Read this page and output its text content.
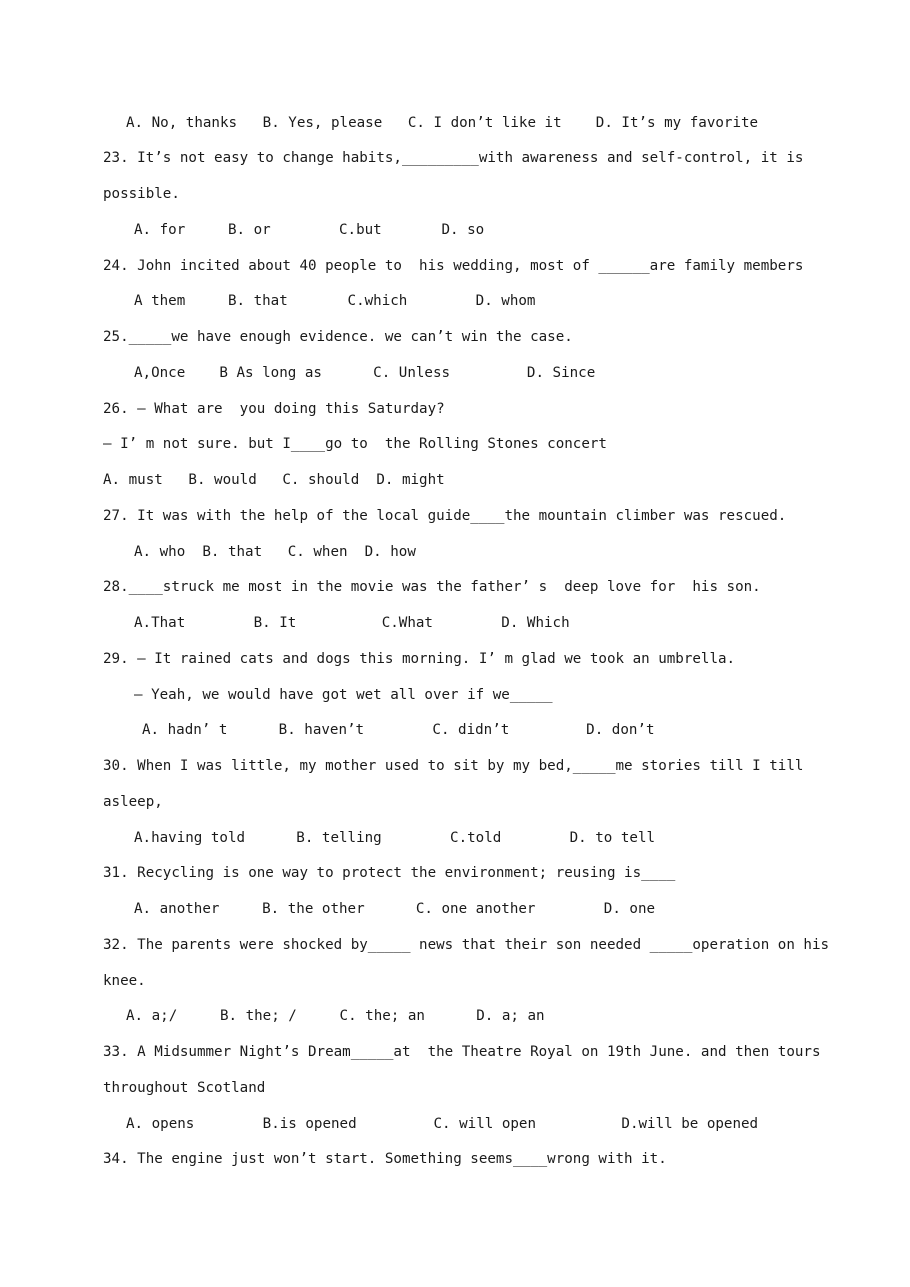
A. No, thanks   B. Yes, please   C. I don’t like it    D. It’s my favorite
23. It’s not easy to change habits,_________with awareness and self-control, it is
possible.
A. for     B. or        C.but       D. so
24. John incited about 40 people to  his wedding, most of ______are family members
A them     B. that       C.which        D. whom
25._____we have enough evidence. we can’t win the case.
A,Once    B As long as      C. Unless         D. Since
26. – What are  you doing this Saturday?
– I’ m not sure. but I____go to  the Rolling Stones concert
A. must   B. would   C. should  D. might
27. It was with the help of the local guide____the mountain climber was rescued.
A. who  B. that   C. when  D. how
28.____struck me most in the movie was the father’ s  deep love for  his son.
A.That        B. It          C.What        D. Which
29. – It rained cats and dogs this morning. I’ m glad we took an umbrella.
– Yeah, we would have got wet all over if we_____
A. hadn’ t      B. haven’t        C. didn’t         D. don’t
30. When I was little, my mother used to sit by my bed,_____me stories till I till
asleep,
A.having told      B. telling        C.told        D. to tell
31. Recycling is one way to protect the environment; reusing is____
A. another     B. the other      C. one another        D. one
32. The parents were shocked by_____ news that their son needed _____operation on his
knee.
A. a;/     B. the; /     C. the; an      D. a; an
33. A Midsummer Night’s Dream_____at  the Theatre Royal on 19th June. and then tours
throughout Scotland
A. opens        B.is opened         C. will open          D.will be opened
34. The engine just won’t start. Something seems____wrong with it.
